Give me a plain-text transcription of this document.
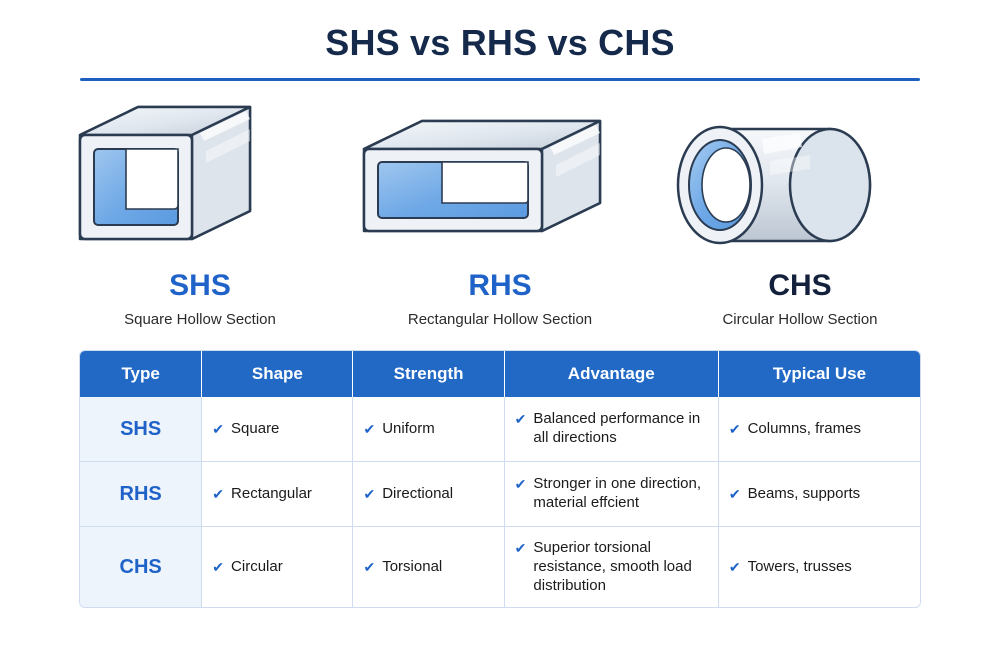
SHS vs RHS vs CHS
SHS
Square Hollow Section
RHS
Rectangular Hollow Section
CHS
Circular Hollow Section
Type	Shape	Strength	Advantage	Typical Use
SHS	✔ Square	✔ Uniform	✔ Balanced performance in all directions	✔ Columns, frames

RHS	✔ Rectangular	✔ Directional	✔ Stronger in one direction, material effcient	✔ Beams, supports

CHS	✔ Circular	✔ Torsional	✔ Superior torsional resistance, smooth load distribution	✔ Towers, trusses
